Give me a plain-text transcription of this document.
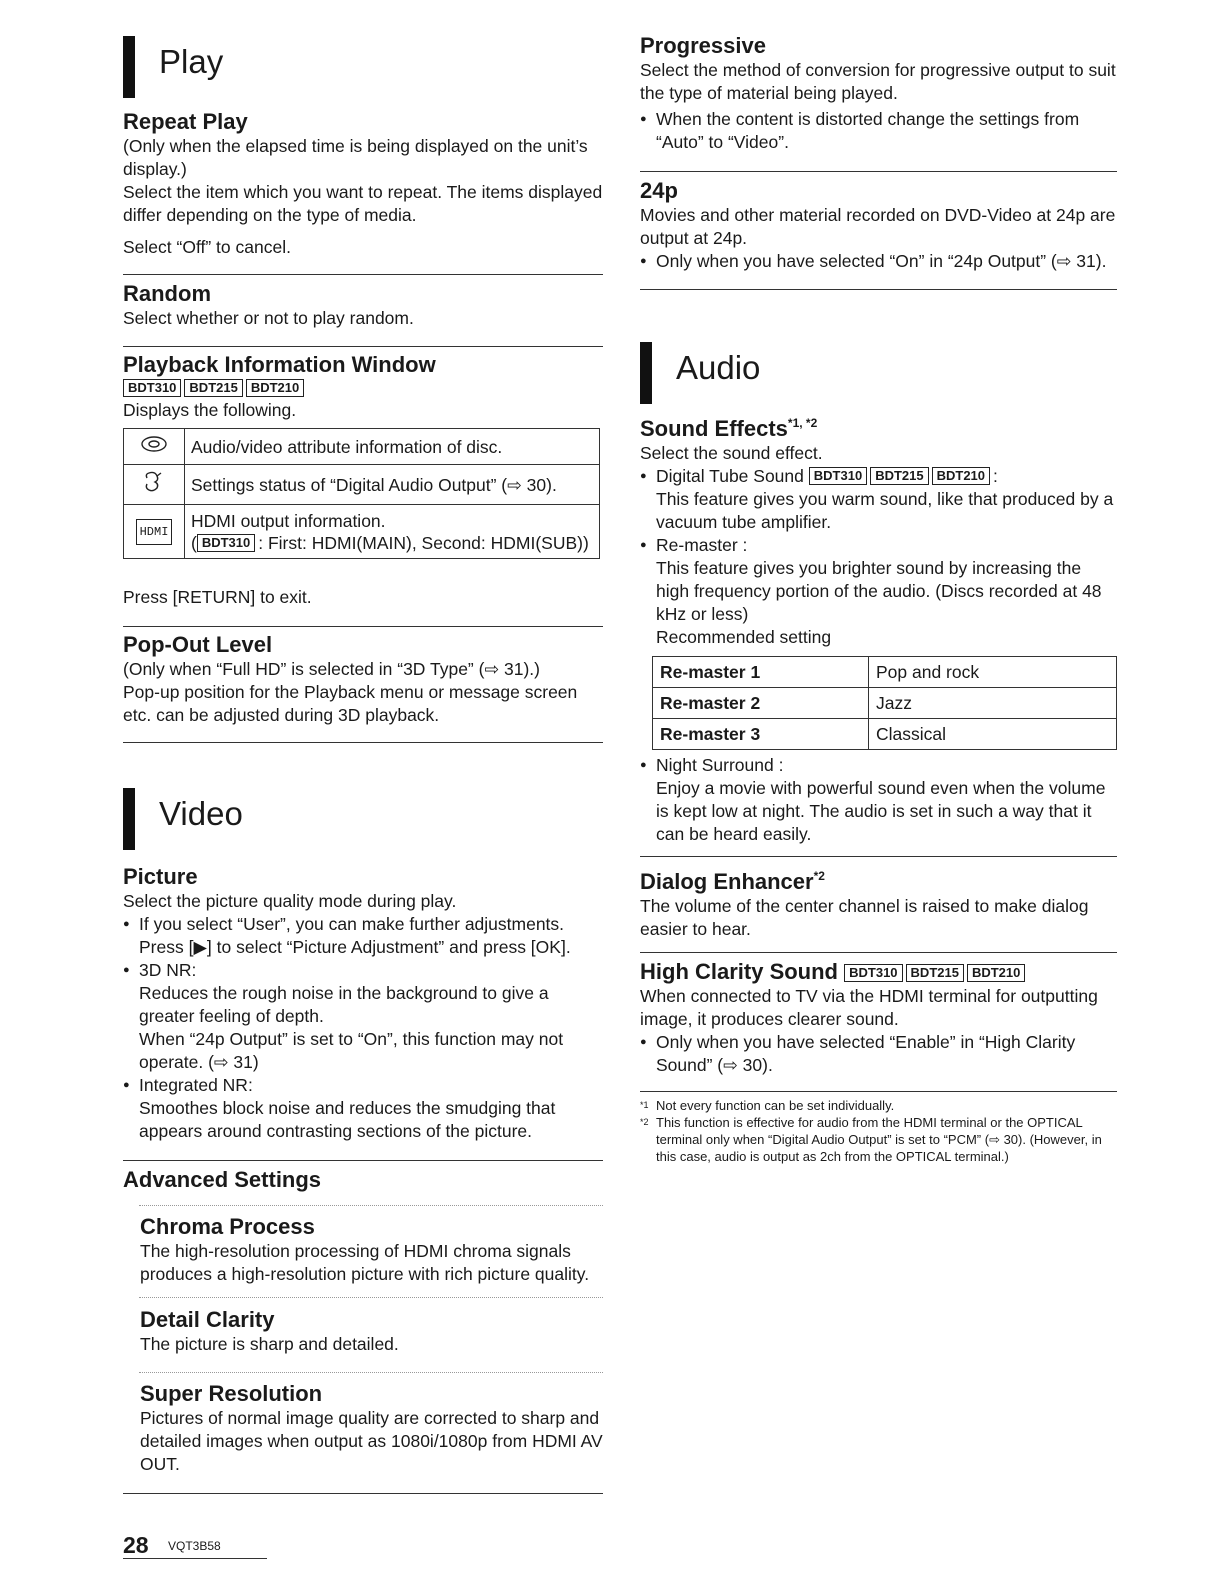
Play
Repeat Play

(Only when the elapsed time is being displayed on the unit’s display.)

Select the item which you want to repeat. The items displayed differ depending on the type of media.

Select “Off” to cancel.

Random

Select whether or not to play random.

Playback Information Window
BDT310 BDT215 BDT210

Displays the following.

	Audio/video attribute information of disc.
	Settings status of “Digital Audio Output” (⇨ 30).
HDMI	HDMI output information.
( BDT310 : First: HDMI(MAIN), Second: HDMI(SUB))

Press [RETURN] to exit.

Pop-Out Level

(Only when “Full HD” is selected in “3D Type” (⇨ 31).)

Pop-up position for the Playback menu or message screen etc. can be adjusted during 3D playback.

Video
Picture

Select the picture quality mode during play.

● If you select “User”, you can make further adjustments. Press [▶] to select “Picture Adjustment” and press [OK].
● 3D NR:
Reduces the rough noise in the background to give a greater feeling of depth.
When “24p Output” is set to “On”, this function may not operate. (⇨ 31)
● Integrated NR:
Smoothes block noise and reduces the smudging that appears around contrasting sections of the picture.
Advanced Settings
Chroma Process

The high-resolution processing of HDMI chroma signals produces a high-resolution picture with rich picture quality.

Detail Clarity

The picture is sharp and detailed.

Super Resolution

Pictures of normal image quality are corrected to sharp and detailed images when output as 1080i/1080p from HDMI AV OUT.

Progressive

Select the method of conversion for progressive output to suit the type of material being played.

● When the content is distorted change the settings from “Auto” to “Video”.
24p

Movies and other material recorded on DVD-Video at 24p are output at 24p.

● Only when you have selected “On” in “24p Output” (⇨ 31).
Audio
Sound Effects$^{*1, *2}$

Select the sound effect.

● Digital Tube Sound BDT310 BDT215 BDT210 :
This feature gives you warm sound, like that produced by a vacuum tube amplifier.
● Re-master :
This feature gives you brighter sound by increasing the high frequency portion of the audio. (Discs recorded at 48 kHz or less)
Recommended setting
Re-master 1	Pop and rock
Re-master 2	Jazz
Re-master 3	Classical
● Night Surround :
Enjoy a movie with powerful sound even when the volume is kept low at night. The audio is set in such a way that it can be heard easily.
Dialog Enhancer$^{*2}$

The volume of the center channel is raised to make dialog easier to hear.

High Clarity Sound BDT310 BDT215 BDT210

When connected to TV via the HDMI terminal for outputting image, it produces clearer sound.

● Only when you have selected “Enable” in “High Clarity Sound” (⇨ 30).
*1 Not every function can be set individually.
*2 This function is effective for audio from the HDMI terminal or the OPTICAL terminal only when “Digital Audio Output” is set to “PCM” (⇨ 30). (However, in this case, audio is output as 2ch from the OPTICAL terminal.)
28 VQT3B58
